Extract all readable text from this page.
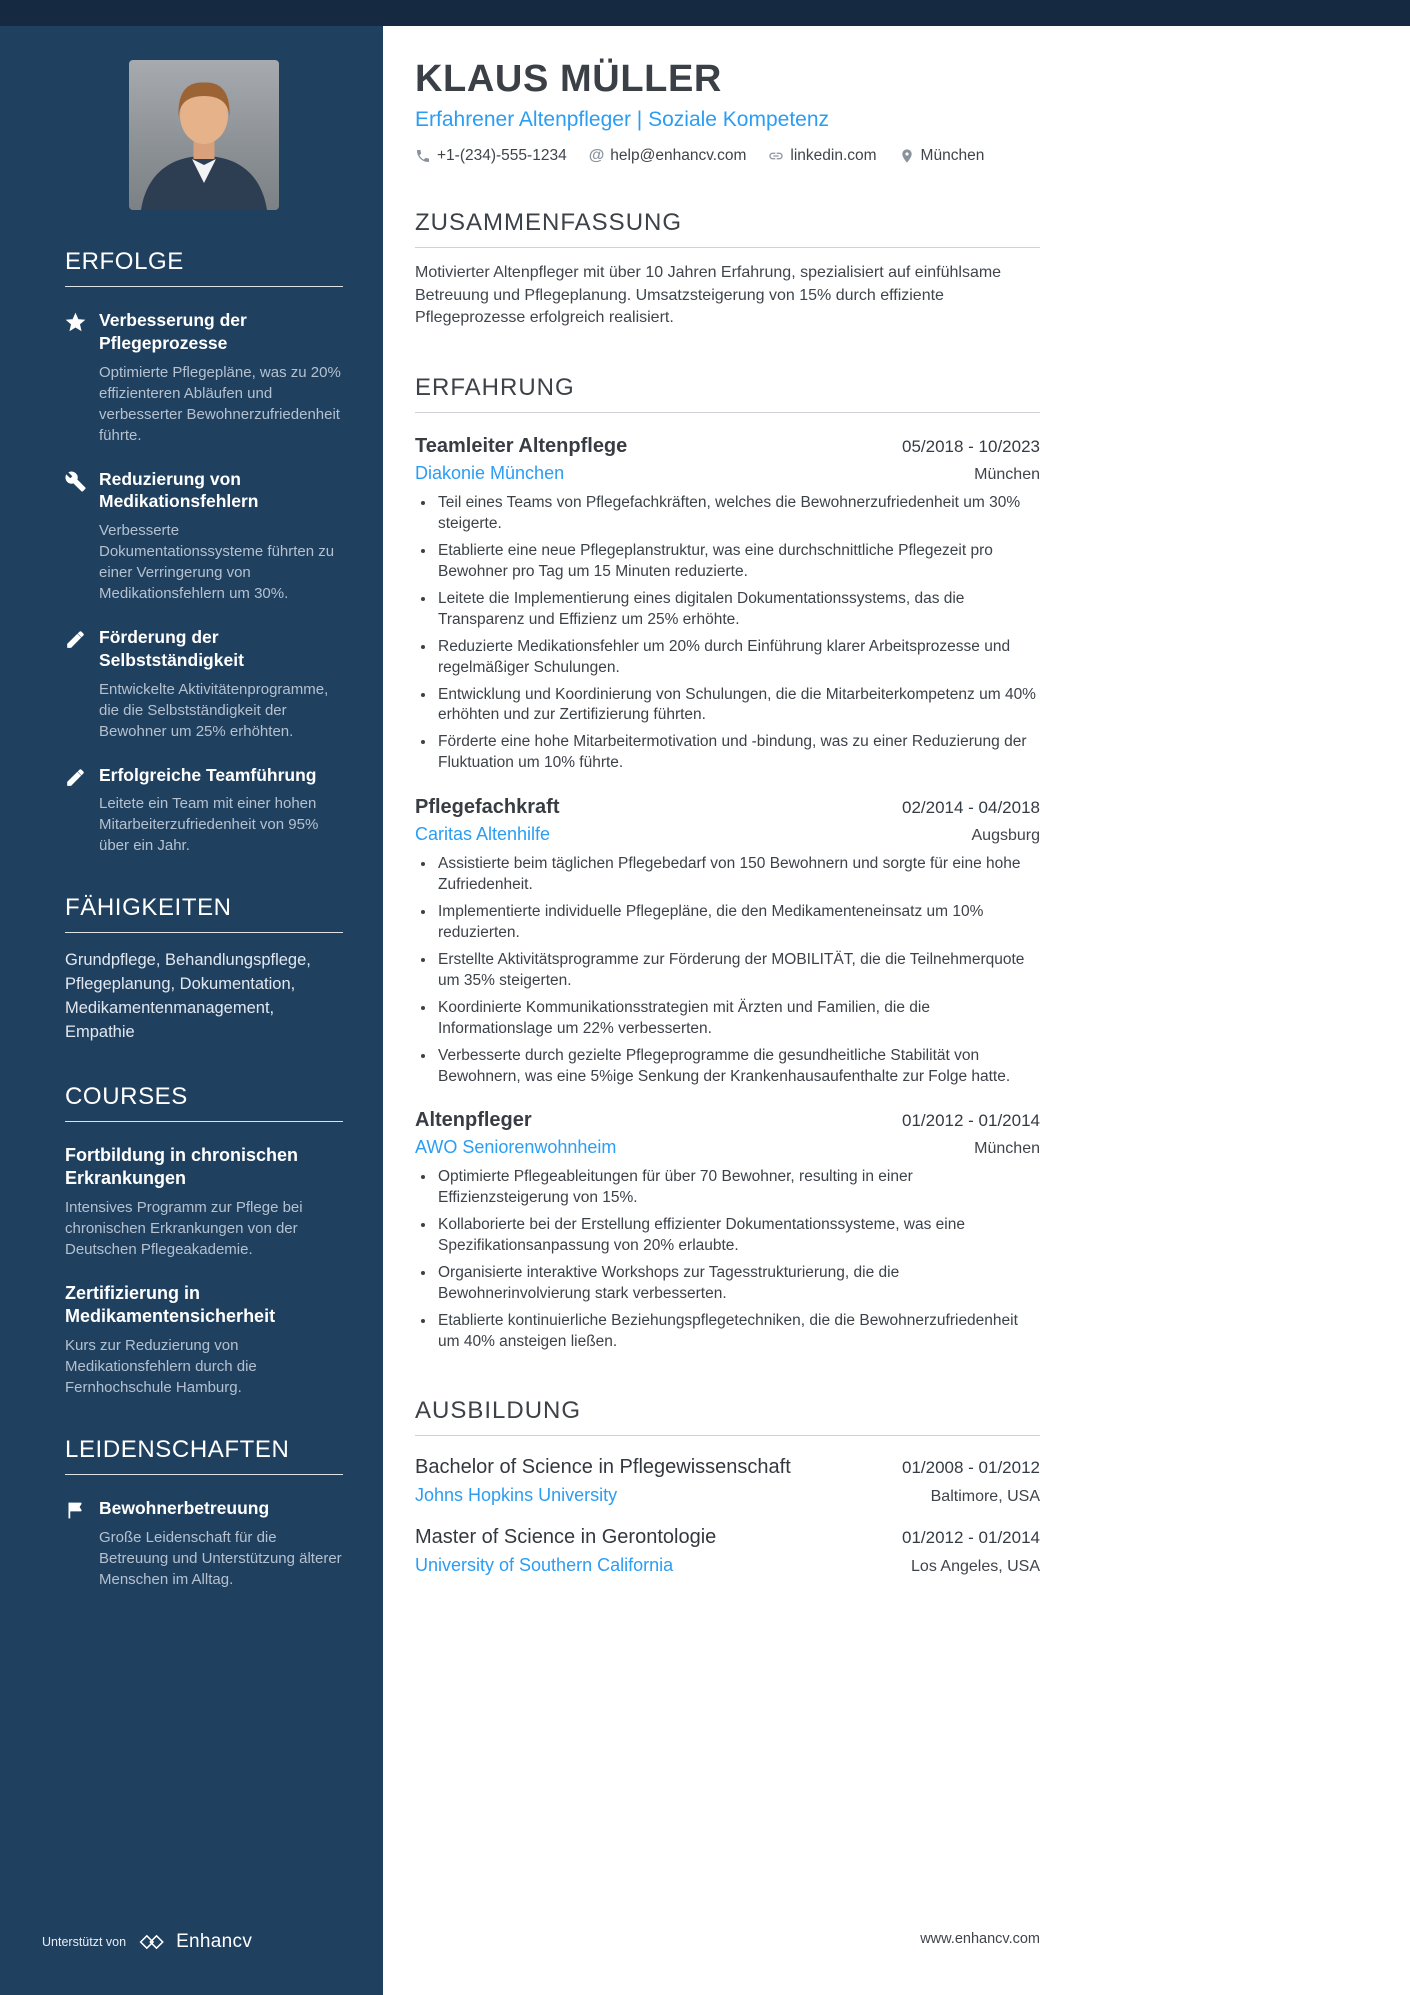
ERFOLGE
Verbesserung der Pflegeprozesse
Optimierte Pflegepläne, was zu 20% effizienteren Abläufen und verbesserter Bewohnerzufriedenheit führte.
Reduzierung von Medikationsfehlern
Verbesserte Dokumentationssysteme führten zu einer Verringerung von Medikationsfehlern um 30%.
Förderung der Selbstständigkeit
Entwickelte Aktivitätenprogramme, die die Selbstständigkeit der Bewohner um 25% erhöhten.
Erfolgreiche Teamführung
Leitete ein Team mit einer hohen Mitarbeiterzufriedenheit von 95% über ein Jahr.
FÄHIGKEITEN
Grundpflege, Behandlungspflege, Pflegeplanung, Dokumentation, Medikamentenmanagement, Empathie
COURSES
Fortbildung in chronischen Erkrankungen
Intensives Programm zur Pflege bei chronischen Erkrankungen von der Deutschen Pflegeakademie.
Zertifizierung in Medikamentensicherheit
Kurs zur Reduzierung von Medikationsfehlern durch die Fernhochschule Hamburg.
LEIDENSCHAFTEN
Bewohnerbetreuung
Große Leidenschaft für die Betreuung und Unterstützung älterer Menschen im Alltag.
Unterstützt von	Enhancv
KLAUS MÜLLER
Erfahrener Altenpfleger | Soziale Kompetenz
+1-(234)-555-1234 @ help@enhancv.com	linkedin.com	München
ZUSAMMENFASSUNG

Motivierter Altenpfleger mit über 10 Jahren Erfahrung, spezialisiert auf einfühlsame Betreuung und Pflegeplanung. Umsatzsteigerung von 15% durch effiziente Pflegeprozesse erfolgreich realisiert.

ERFAHRUNG
Teamleiter Altenpflege	05/2018 - 10/2023
Diakonie München	München
• Teil eines Teams von Pflegefachkräften, welches die Bewohnerzufriedenheit um 30% steigerte.
• Etablierte eine neue Pflegeplanstruktur, was eine durchschnittliche Pflegezeit pro Bewohner pro Tag um 15 Minuten reduzierte.
• Leitete die Implementierung eines digitalen Dokumentationssystems, das die Transparenz und Effizienz um 25% erhöhte.
• Reduzierte Medikationsfehler um 20% durch Einführung klarer Arbeitsprozesse und regelmäßiger Schulungen.
• Entwicklung und Koordinierung von Schulungen, die die Mitarbeiterkompetenz um 40% erhöhten und zur Zertifizierung führten.
• Förderte eine hohe Mitarbeitermotivation und -bindung, was zu einer Reduzierung der Fluktuation um 10% führte.
Pflegefachkraft	02/2014 - 04/2018
Caritas Altenhilfe	Augsburg
• Assistierte beim täglichen Pflegebedarf von 150 Bewohnern und sorgte für eine hohe Zufriedenheit.
• Implementierte individuelle Pflegepläne, die den Medikamenteneinsatz um 10% reduzierten.
• Erstellte Aktivitätsprogramme zur Förderung der MOBILITÄT, die die Teilnehmerquote um 35% steigerten.
• Koordinierte Kommunikationsstrategien mit Ärzten und Familien, die die Informationslage um 22% verbesserten.
• Verbesserte durch gezielte Pflegeprogramme die gesundheitliche Stabilität von Bewohnern, was eine 5%ige Senkung der Krankenhausaufenthalte zur Folge hatte.
Altenpfleger	01/2012 - 01/2014
AWO Seniorenwohnheim	München
• Optimierte Pflegeableitungen für über 70 Bewohner, resulting in einer Effizienzsteigerung von 15%.
• Kollaborierte bei der Erstellung effizienter Dokumentationssysteme, was eine Spezifikationsanpassung von 20% erlaubte.
• Organisierte interaktive Workshops zur Tagesstrukturierung, die die Bewohnerinvolvierung stark verbesserten.
• Etablierte kontinuierliche Beziehungspflegetechniken, die die Bewohnerzufriedenheit um 40% ansteigen ließen.
AUSBILDUNG
Bachelor of Science in Pflegewissenschaft	01/2008 - 01/2012
Johns Hopkins University	Baltimore, USA
Master of Science in Gerontologie	01/2012 - 01/2014
University of Southern California	Los Angeles, USA
www.enhancv.com
